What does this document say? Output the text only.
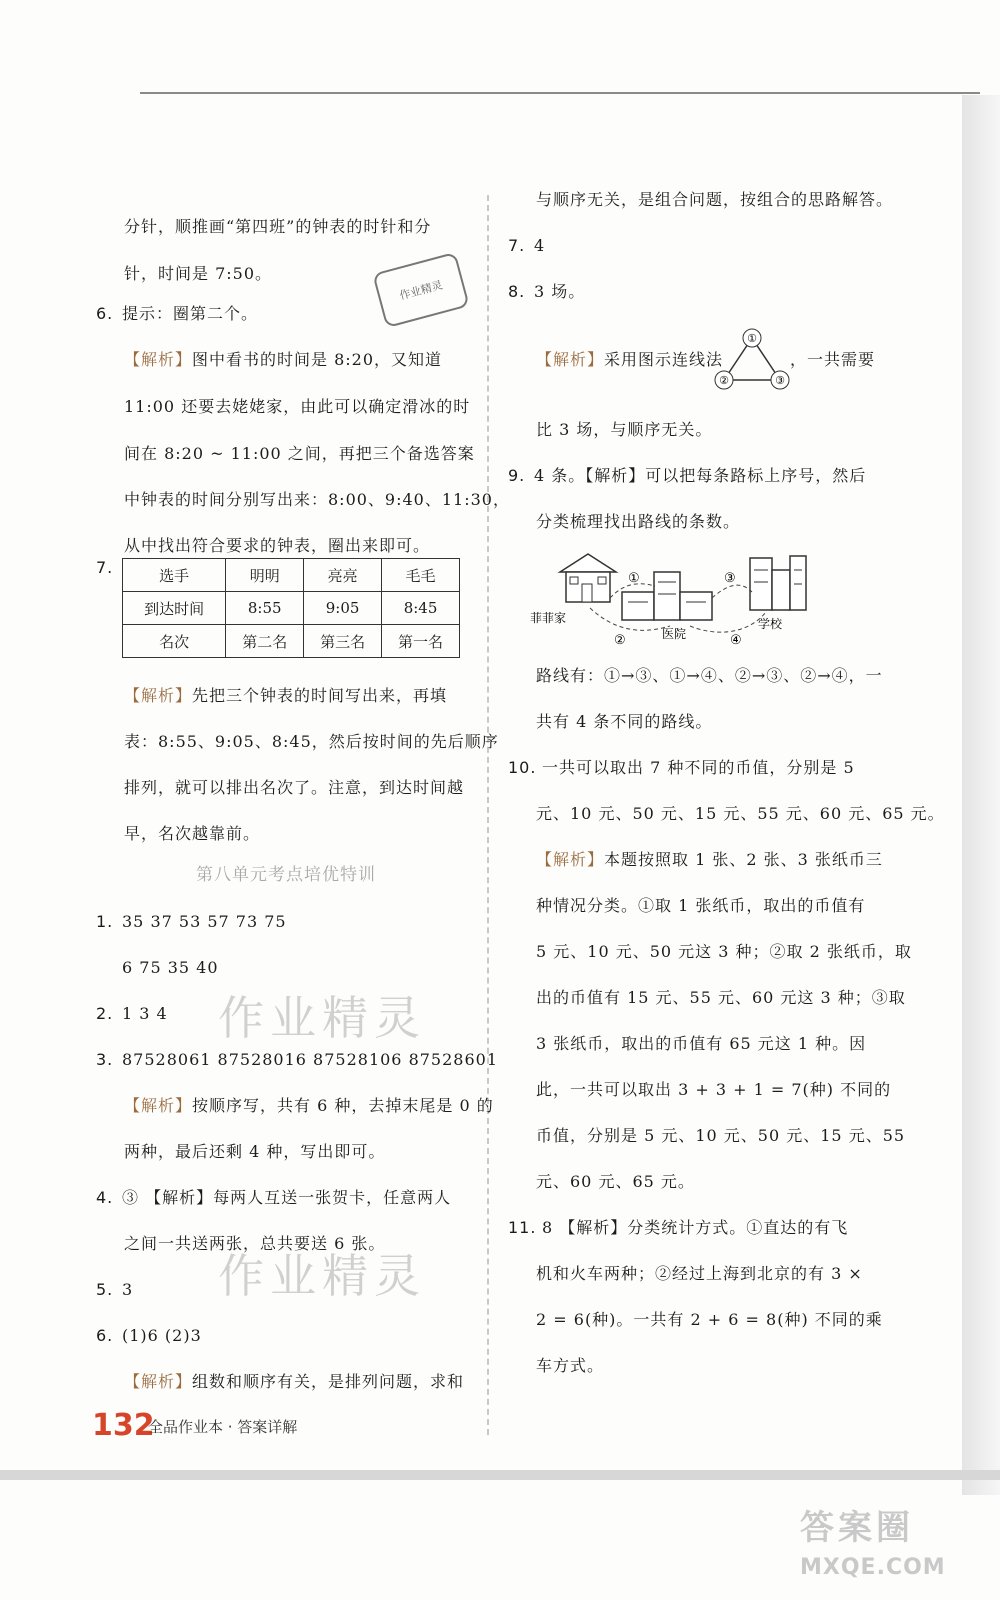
分针，顺推画“第四班”的钟表的时针和分
针，时间是 7:50。
6. 提示：圈第二个。
作业精灵
【解析】图中看书的时间是 8:20，又知道
11:00 还要去姥姥家，由此可以确定滑冰的时
间在 8:20 ~ 11:00 之间，再把三个备选答案
中钟表的时间分别写出来：8:00、9:40、11:30，
从中找出符合要求的钟表，圈出来即可。
7.	选手	明明	亮亮	毛毛
到达时间	8:55	9:05	8:45
名次	第二名	第三名	第一名
【解析】先把三个钟表的时间写出来，再填
表：8:55、9:05、8:45，然后按时间的先后顺序
排列，就可以排出名次了。注意，到达时间越
早，名次越靠前。
第八单元考点培优特训
1. 35 37 53 57 73 75
6 75 35 40
2. 1 3 4
3. 87528061 87528016 87528106 87528601
【解析】按顺序写，共有 6 种，去掉末尾是 0 的
两种，最后还剩 4 种，写出即可。
4. ③ 【解析】每两人互送一张贺卡，任意两人
之间一共送两张，总共要送 6 张。
5. 3
6. (1)6 (2)3
【解析】组数和顺序有关，是排列问题，求和
作业精灵
作业精灵
与顺序无关，是组合问题，按组合的思路解答。
7. 4
8. 3 场。
【解析】采用图示连线法
①
②	③
，一共需要
比 3 场，与顺序无关。
9. 4 条。【解析】可以把每条路标上序号，然后
分类梳理找出路线的条数。
①
②
③
④
菲菲家
医院
学校
路线有：①→③、①→④、②→③、②→④，一
共有 4 条不同的路线。
10. 一共可以取出 7 种不同的币值，分别是 5
元、10 元、50 元、15 元、55 元、60 元、65 元。
【解析】本题按照取 1 张、2 张、3 张纸币三
种情况分类。①取 1 张纸币，取出的币值有
5 元、10 元、50 元这 3 种；②取 2 张纸币，取
出的币值有 15 元、55 元、60 元这 3 种；③取
3 张纸币，取出的币值有 65 元这 1 种。因
此，一共可以取出 3 + 3 + 1 = 7(种) 不同的
币值，分别是 5 元、10 元、50 元、15 元、55
元、60 元、65 元。
11. 8 【解析】分类统计方式。①直达的有飞
机和火车两种；②经过上海到北京的有 3 ×
2 = 6(种)。一共有 2 + 6 = 8(种) 不同的乘
车方式。
132
全品作业本 · 答案详解
答案圈
MXQE.COM
